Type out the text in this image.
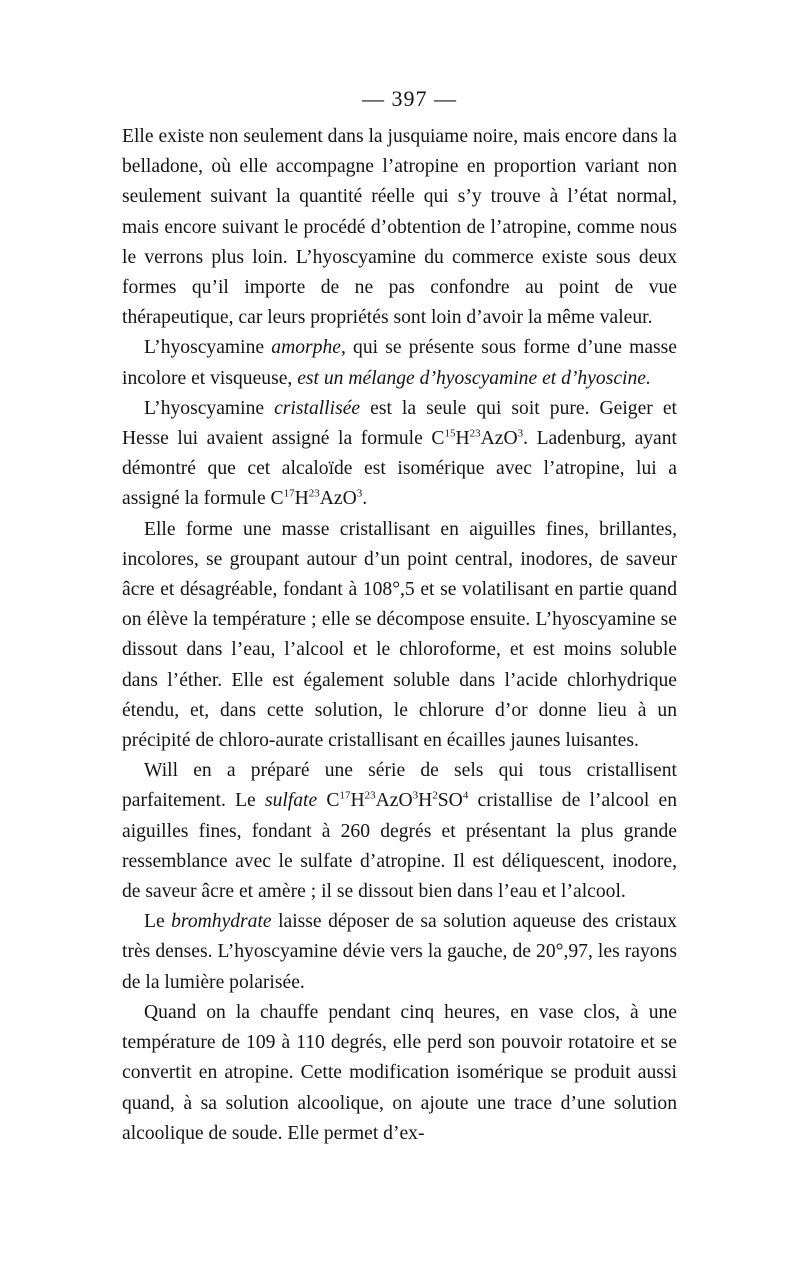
— 397 —

Elle existe non seulement dans la jusquiame noire, mais encore dans la belladone, où elle accompagne l’atropine en proportion variant non seulement suivant la quantité réelle qui s’y trouve à l’état normal, mais encore suivant le procédé d’obtention de l’atropine, comme nous le verrons plus loin. L’hyoscyamine du commerce existe sous deux formes qu’il importe de ne pas confondre au point de vue thérapeutique, car leurs propriétés sont loin d’avoir la même valeur.

L’hyoscyamine amorphe, qui se présente sous forme d’une masse incolore et visqueuse, est un mélange d’hyoscyamine et d’hyoscine.

L’hyoscyamine cristallisée est la seule qui soit pure. Geiger et Hesse lui avaient assigné la formule $C^{15}H^{23}AzO^3$. Ladenburg, ayant démontré que cet alcaloïde est isomérique avec l’atropine, lui a assigné la formule $C^{17}H^{23}AzO^3$.

Elle forme une masse cristallisant en aiguilles fines, brillantes, incolores, se groupant autour d’un point central, inodores, de saveur âcre et désagréable, fondant à 108°,5 et se volatilisant en partie quand on élève la température ; elle se décompose ensuite. L’hyoscyamine se dissout dans l’eau, l’alcool et le chloroforme, et est moins soluble dans l’éther. Elle est également soluble dans l’acide chlorhydrique étendu, et, dans cette solution, le chlorure d’or donne lieu à un précipité de chloro-aurate cristallisant en écailles jaunes luisantes.

Will en a préparé une série de sels qui tous cristallisent parfaitement. Le sulfate $C^{17}H^{23}AzO^3H^2SO^4$ cristallise de l’alcool en aiguilles fines, fondant à 260 degrés et présentant la plus grande ressemblance avec le sulfate d’atropine. Il est déliquescent, inodore, de saveur âcre et amère ; il se dissout bien dans l’eau et l’alcool.

Le bromhydrate laisse déposer de sa solution aqueuse des cristaux très denses. L’hyoscyamine dévie vers la gauche, de 20°,97, les rayons de la lumière polarisée.

Quand on la chauffe pendant cinq heures, en vase clos, à une température de 109 à 110 degrés, elle perd son pouvoir rotatoire et se convertit en atropine. Cette modification isomérique se produit aussi quand, à sa solution alcoolique, on ajoute une trace d’une solution alcoolique de soude. Elle permet d’ex-
